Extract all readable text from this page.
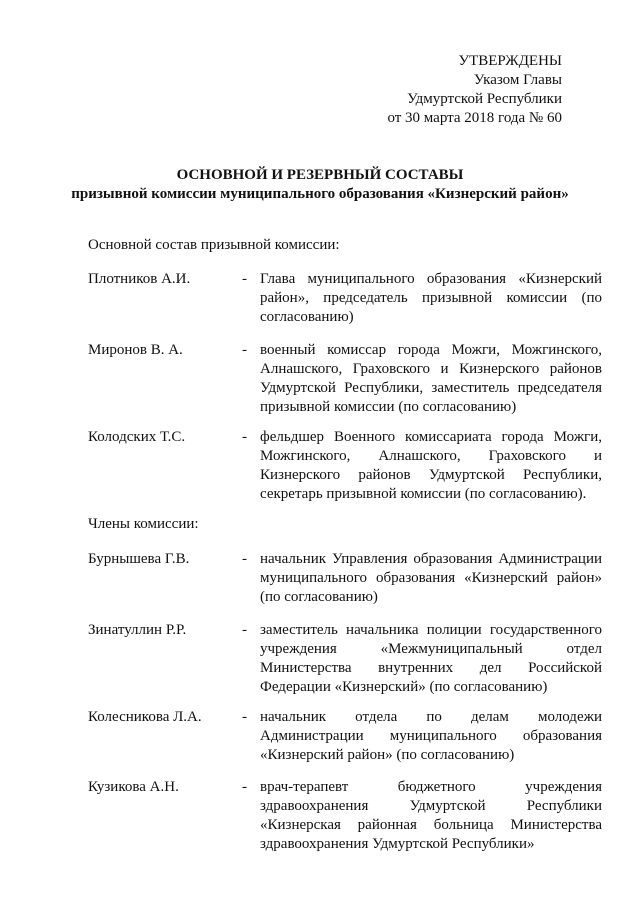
УТВЕРЖДЕНЫ
Указом Главы
Удмуртской Республики
от 30 марта 2018 года № 60
ОСНОВНОЙ И РЕЗЕРВНЫЙ СОСТАВЫ
призывной комиссии муниципального образования «Кизнерский район»
Основной состав призывной комиссии:
Плотников А.И.	- Глава муниципального образования «Кизнерский район», председатель призывной комиссии (по согласованию)
Миронов В. А.	- военный комиссар города Можги, Можгинского, Алнашского, Граховского и Кизнерского районов Удмуртской Республики, заместитель председателя призывной комиссии (по согласованию)
Колодских Т.С.	- фельдшер Военного комиссариата города Можги, Можгинского, Алнашского, Граховского и Кизнерского районов Удмуртской Республики, секретарь призывной комиссии (по согласованию).
Члены комиссии:
Бурнышева Г.В.	- начальник Управления образования Администрации муниципального образования «Кизнерский район» (по согласованию)
Зинатуллин Р.Р.	- заместитель начальника полиции государственного учреждения «Межмуниципальный отдел Министерства внутренних дел Российской Федерации «Кизнерский» (по согласованию)
Колесникова Л.А.	- начальник отдела по делам молодежи Администрации муниципального образования «Кизнерский район» (по согласованию)
Кузикова А.Н.	- врач-терапевт бюджетного учреждения здравоохранения Удмуртской Республики «Кизнерская районная больница Министерства здравоохранения Удмуртской Республики»
